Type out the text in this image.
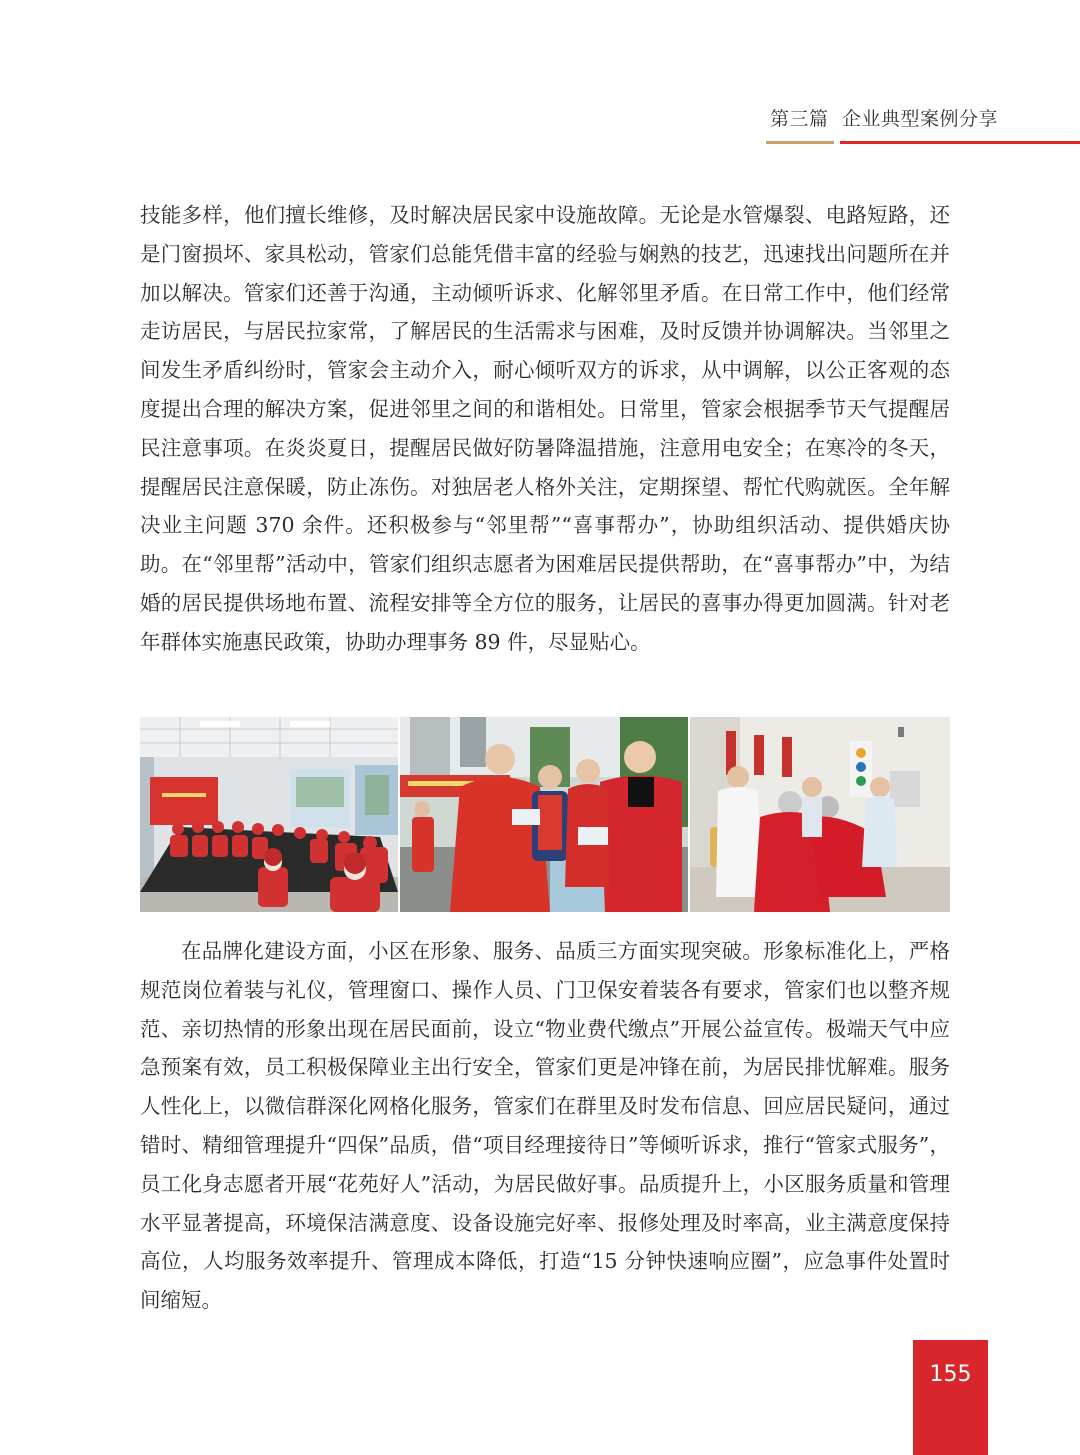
第三篇 企业典型案例分享

技能多样，他们擅长维修，及时解决居民家中设施故障。无论是水管爆裂、电路短路，还是门窗损坏、家具松动，管家们总能凭借丰富的经验与娴熟的技艺，迅速找出问题所在并加以解决。管家们还善于沟通，主动倾听诉求、化解邻里矛盾。在日常工作中，他们经常走访居民，与居民拉家常，了解居民的生活需求与困难，及时反馈并协调解决。当邻里之间发生矛盾纠纷时，管家会主动介入，耐心倾听双方的诉求，从中调解，以公正客观的态度提出合理的解决方案，促进邻里之间的和谐相处。日常里，管家会根据季节天气提醒居民注意事项。在炎炎夏日，提醒居民做好防暑降温措施，注意用电安全；在寒冷的冬天，提醒居民注意保暖，防止冻伤。对独居老人格外关注，定期探望、帮忙代购就医。全年解决业主问题 370 余件。还积极参与“邻里帮”“喜事帮办”，协助组织活动、提供婚庆协助。在“邻里帮”活动中，管家们组织志愿者为困难居民提供帮助，在“喜事帮办”中，为结婚的居民提供场地布置、流程安排等全方位的服务，让居民的喜事办得更加圆满。针对老年群体实施惠民政策，协助办理事务 89 件，尽显贴心。

在品牌化建设方面，小区在形象、服务、品质三方面实现突破。形象标准化上，严格规范岗位着装与礼仪，管理窗口、操作人员、门卫保安着装各有要求，管家们也以整齐规范、亲切热情的形象出现在居民面前，设立“物业费代缴点”开展公益宣传。极端天气中应急预案有效，员工积极保障业主出行安全，管家们更是冲锋在前，为居民排忧解难。服务人性化上，以微信群深化网格化服务，管家们在群里及时发布信息、回应居民疑问，通过错时、精细管理提升“四保”品质，借“项目经理接待日”等倾听诉求，推行“管家式服务”，员工化身志愿者开展“花苑好人”活动，为居民做好事。品质提升上，小区服务质量和管理水平显著提高，环境保洁满意度、设备设施完好率、报修处理及时率高，业主满意度保持高位，人均服务效率提升、管理成本降低，打造“15 分钟快速响应圈”，应急事件处置时间缩短。

155
